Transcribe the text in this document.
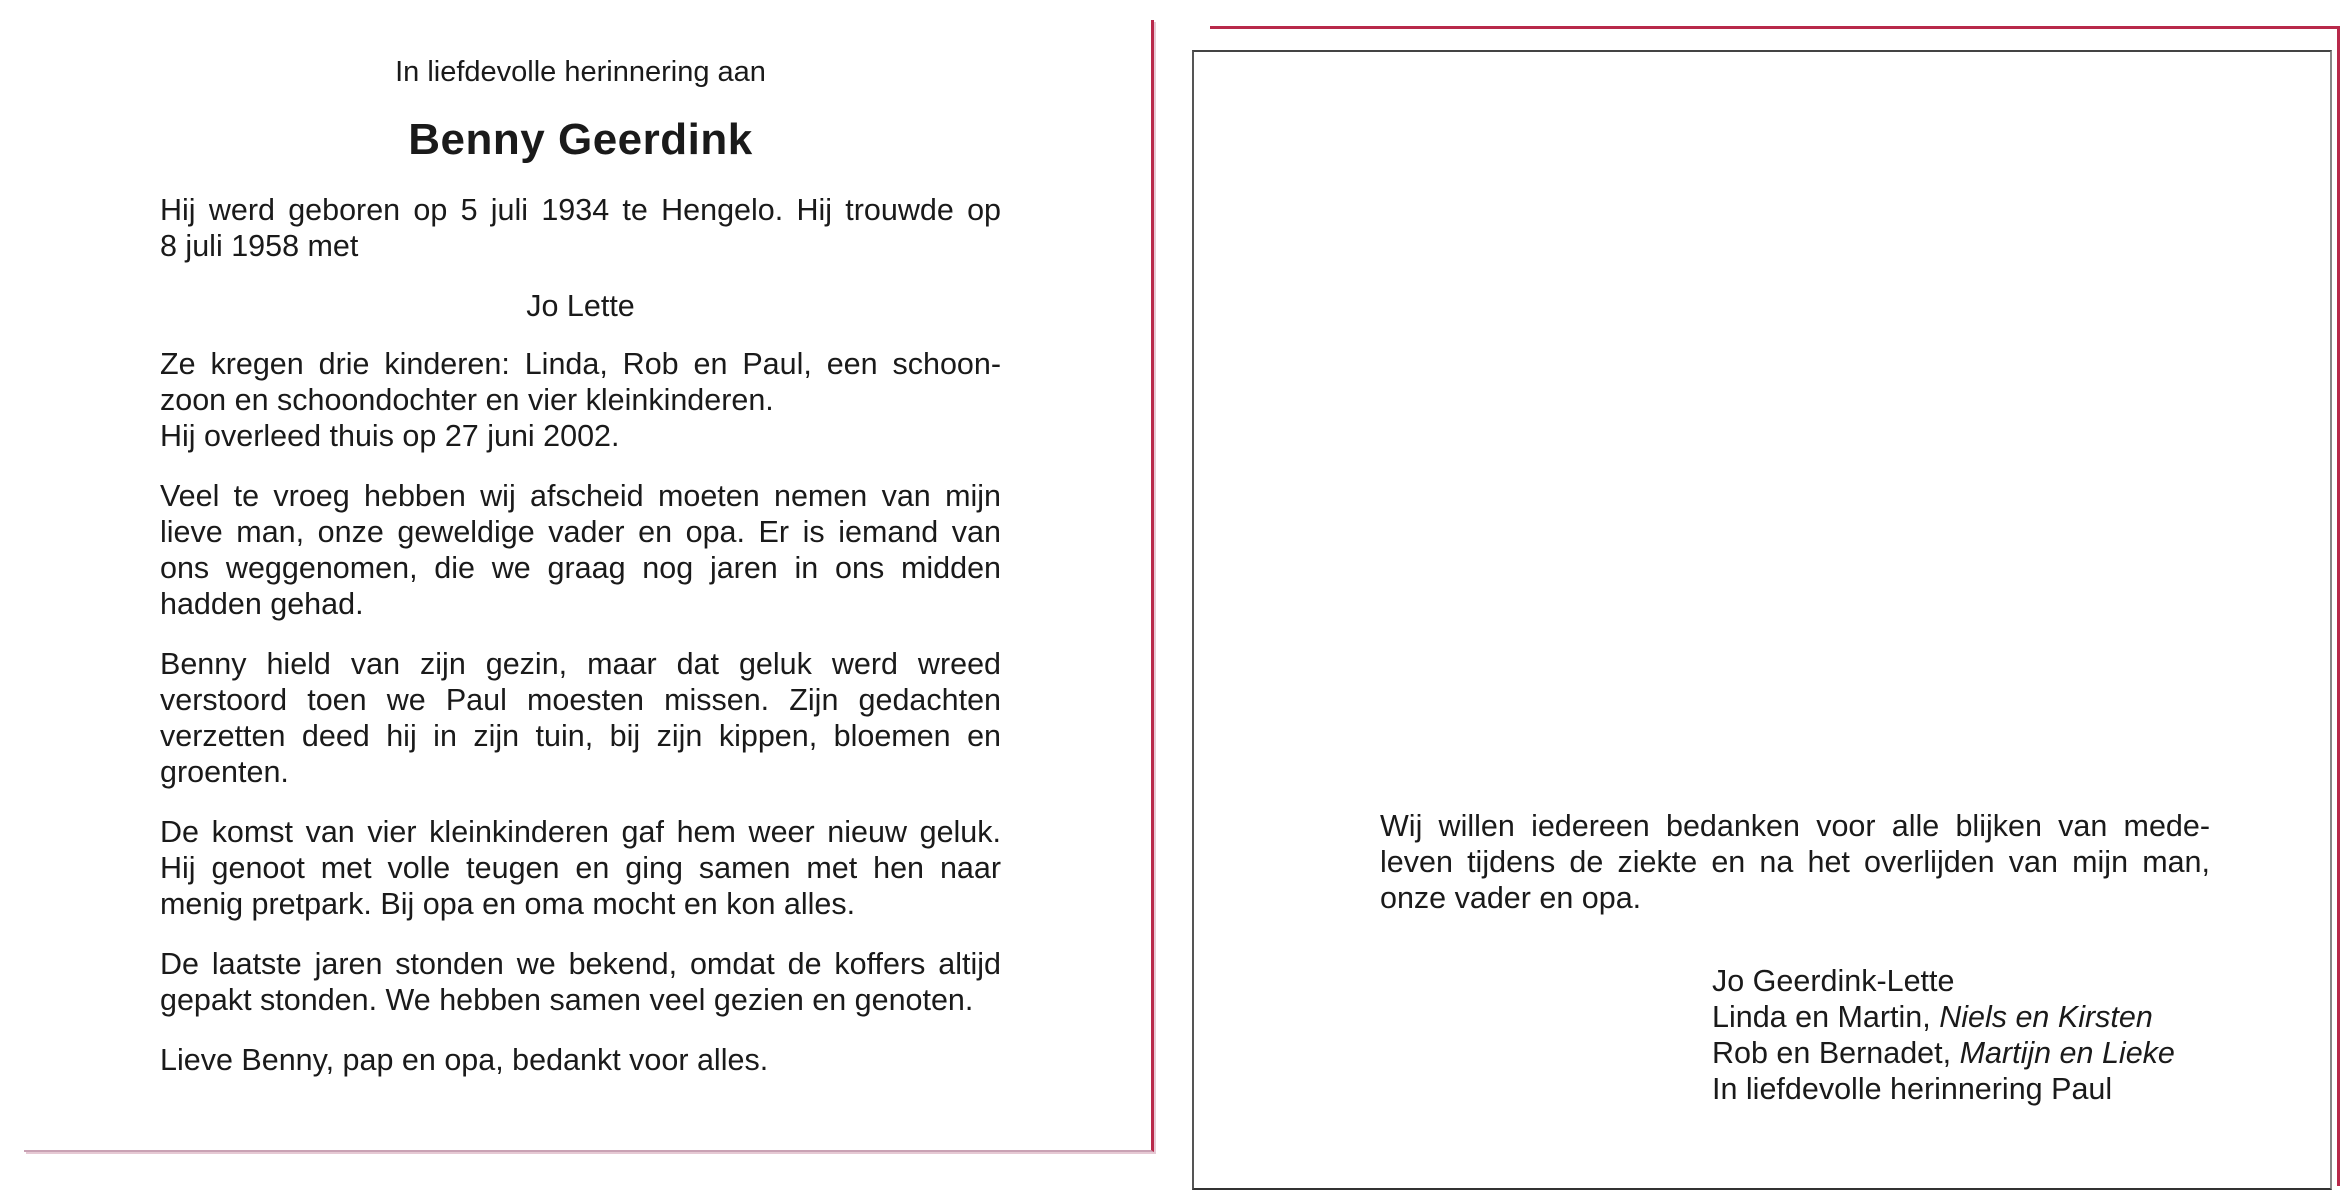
In liefdevolle herinnering aan
Benny Geerdink
Hij werd geboren op 5 juli 1934 te Hengelo. Hij trouwde op
8 juli 1958 met
Jo Lette
Ze kregen drie kinderen: Linda, Rob en Paul, een schoon-
zoon en schoondochter en vier kleinkinderen.
Hij overleed thuis op 27 juni 2002.
Veel te vroeg hebben wij afscheid moeten nemen van mijn
lieve man, onze geweldige vader en opa. Er is iemand van
ons weggenomen, die we graag nog jaren in ons midden
hadden gehad.
Benny hield van zijn gezin, maar dat geluk werd wreed
verstoord toen we Paul moesten missen. Zijn gedachten
verzetten deed hij in zijn tuin, bij zijn kippen, bloemen en
groenten.
De komst van vier kleinkinderen gaf hem weer nieuw geluk.
Hij genoot met volle teugen en ging samen met hen naar
menig pretpark. Bij opa en oma mocht en kon alles.
De laatste jaren stonden we bekend, omdat de koffers altijd
gepakt stonden. We hebben samen veel gezien en genoten.
Lieve Benny, pap en opa, bedankt voor alles.
Wij willen iedereen bedanken voor alle blijken van mede-
leven tijdens de ziekte en na het overlijden van mijn man,
onze vader en opa.
Jo Geerdink-Lette
Linda en Martin, Niels en Kirsten
Rob en Bernadet, Martijn en Lieke
In liefdevolle herinnering Paul
